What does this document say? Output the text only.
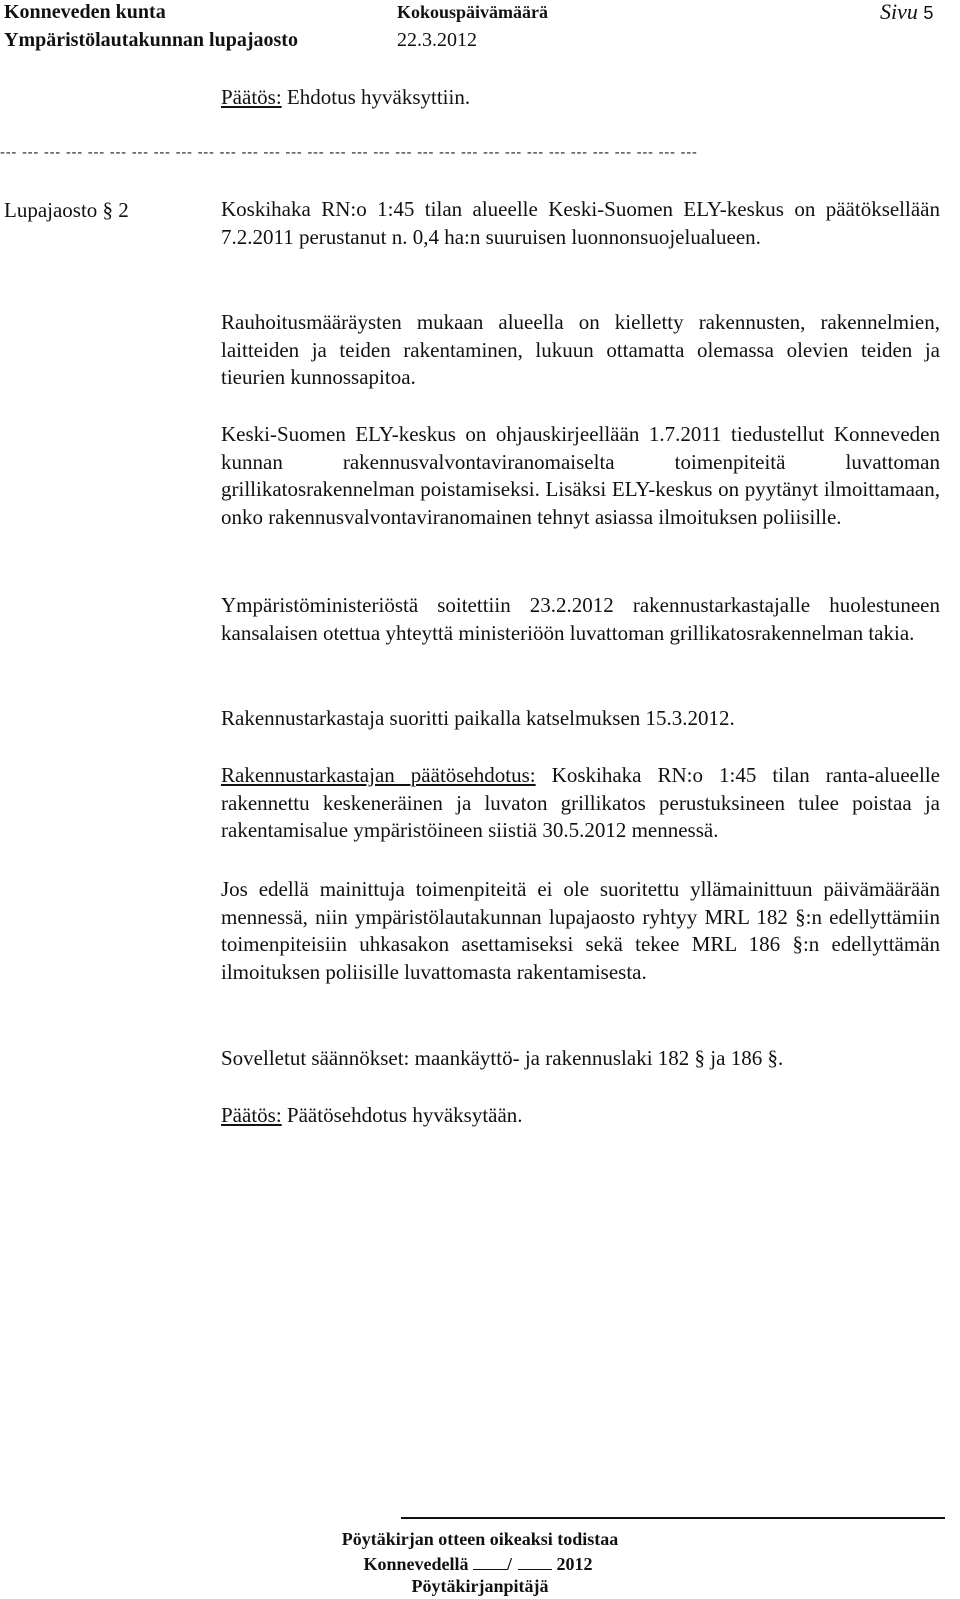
Konneveden kunta
Ympäristölautakunnan lupajaosto
Kokouspäivämäärä
22.3.2012
Sivu 5
Päätös: Ehdotus hyväksyttiin.
--- --- --- --- --- --- --- --- --- --- --- --- --- --- --- --- --- --- --- --- --- --- --- --- --- --- --- --- --- --- --- ---
Lupajaosto § 2	Koskihaka RN:o 1:45 tilan alueelle Keski-Suomen ELY-keskus on päätöksellään 7.2.2011 perustanut n. 0,4 ha:n suuruisen luonnonsuojelualueen.
Rauhoitusmääräysten mukaan alueella on kielletty rakennusten, rakennelmien, laitteiden ja teiden rakentaminen, lukuun ottamatta olemassa olevien teiden ja tieurien kunnossapitoa.
Keski-Suomen ELY-keskus on ohjauskirjeellään 1.7.2011 tiedustellut Konneveden kunnan rakennusvalvontaviranomaiselta toimenpiteitä luvattoman grillikatosrakennelman poistamiseksi. Lisäksi ELY-keskus on pyytänyt ilmoittamaan, onko rakennusvalvontaviranomainen tehnyt asiassa ilmoituksen poliisille.
Ympäristöministeriöstä soitettiin 23.2.2012 rakennustarkastajalle huolestuneen kansalaisen otettua yhteyttä ministeriöön luvattoman grillikatosrakennelman takia.
Rakennustarkastaja suoritti paikalla katselmuksen 15.3.2012.
Rakennustarkastajan päätösehdotus: Koskihaka RN:o 1:45 tilan ranta-alueelle rakennettu keskeneräinen ja luvaton grillikatos perustuksineen tulee poistaa ja rakentamisalue ympäristöineen siistiä 30.5.2012 mennessä.
Jos edellä mainittuja toimenpiteitä ei ole suoritettu yllämainittuun päivämäärään mennessä, niin ympäristölautakunnan lupajaosto ryhtyy MRL 182 §:n edellyttämiin toimenpiteisiin uhkasakon asettamiseksi sekä tekee MRL 186 §:n edellyttämän ilmoituksen poliisille luvattomasta rakentamisesta.
Sovelletut säännökset: maankäyttö- ja rakennuslaki 182 § ja 186 §.
Päätös: Päätösehdotus hyväksytään.
Pöytäkirjan otteen oikeaksi todistaa
Konnevedellä / 2012
Pöytäkirjanpitäjä
